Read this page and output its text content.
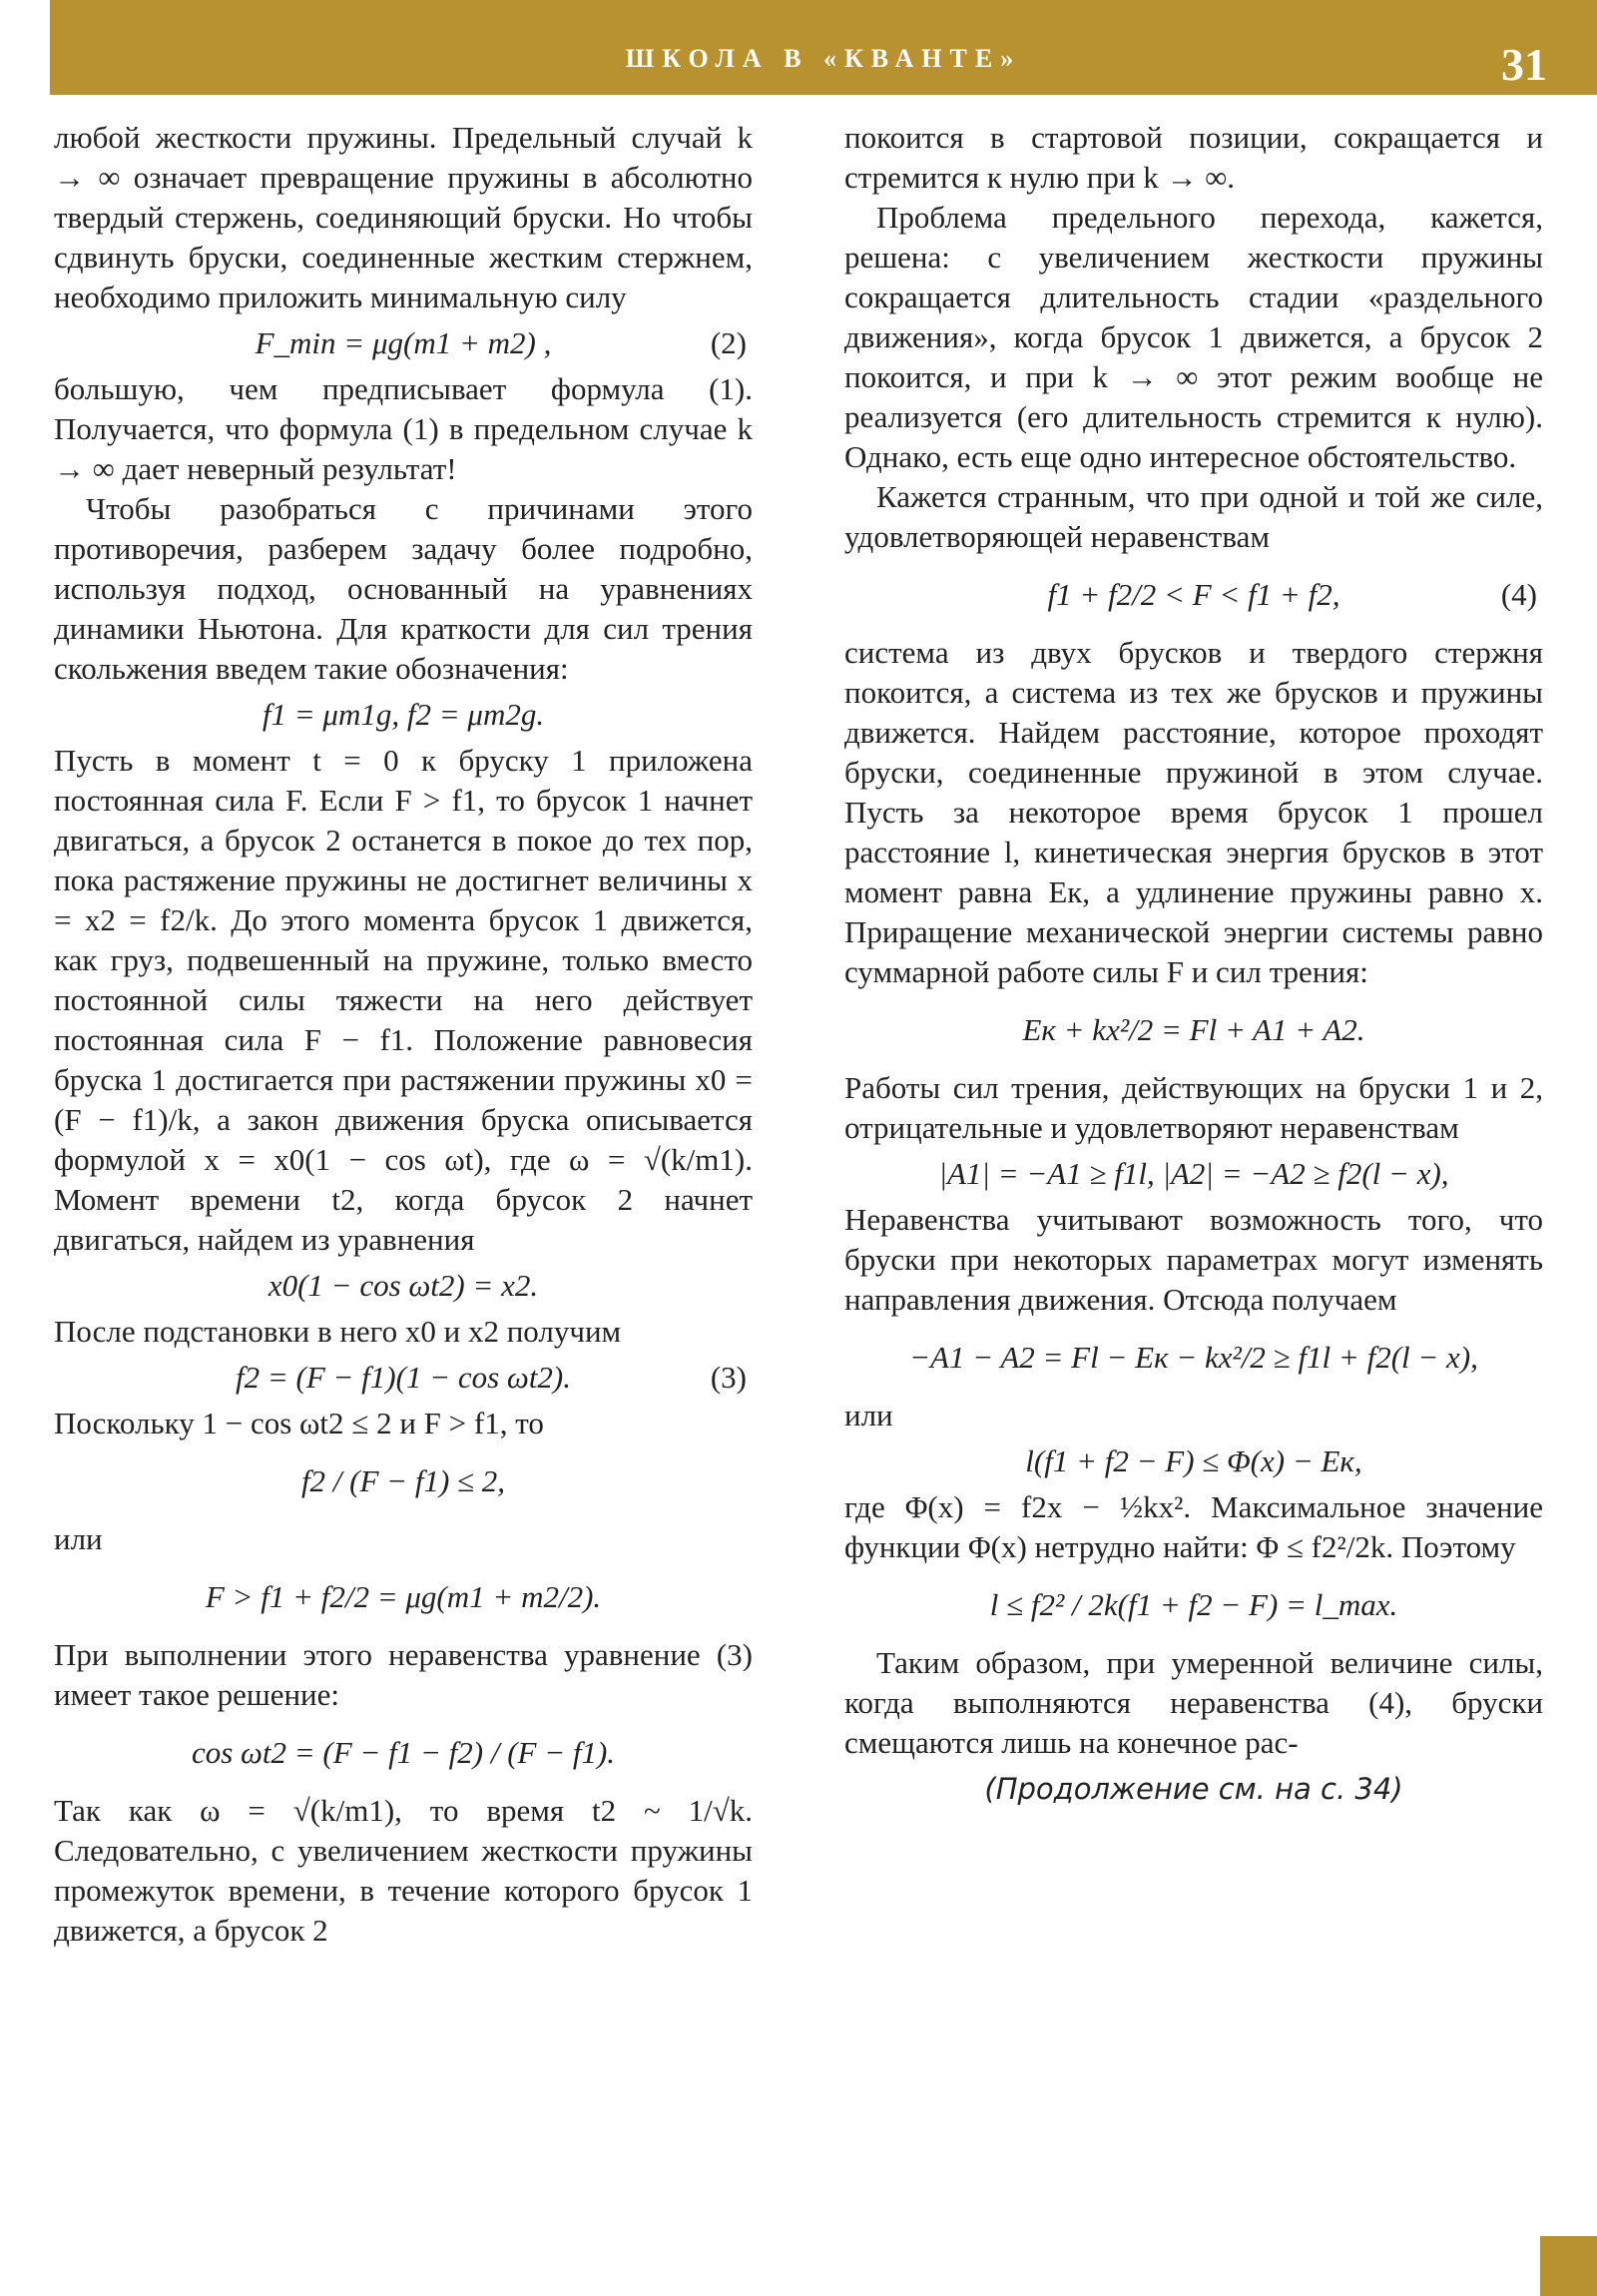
ШКОЛА В «КВАНТЕ»	31

любой жесткости пружины. Предельный случай k → ∞ означает превращение пружины в абсолютно твердый стержень, соединяющий бруски. Но чтобы сдвинуть бруски, соединенные жестким стержнем, необходимо приложить минимальную силу

F_min = μg(m1 + m2) ,	(2)

большую, чем предписывает формула (1). Получается, что формула (1) в предельном случае k → ∞ дает неверный результат!

Чтобы разобраться с причинами этого противоречия, разберем задачу более подробно, используя подход, основанный на уравнениях динамики Ньютона. Для краткости для сил трения скольжения введем такие обозначения:

f1 = μm1g, f2 = μm2g.

Пусть в момент t = 0 к бруску 1 приложена постоянная сила F. Если F > f1, то брусок 1 начнет двигаться, а брусок 2 останется в покое до тех пор, пока растяжение пружины не достигнет величины x = x2 = f2/k. До этого момента брусок 1 движется, как груз, подвешенный на пружине, только вместо постоянной силы тяжести на него действует постоянная сила F − f1. Положение равновесия бруска 1 достигается при растяжении пружины x0 = (F − f1)/k, а закон движения бруска описывается формулой x = x0(1 − cos ωt), где ω = √(k/m1). Момент времени t2, когда брусок 2 начнет двигаться, найдем из уравнения

x0(1 − cos ωt2) = x2.

После подстановки в него x0 и x2 получим

f2 = (F − f1)(1 − cos ωt2).	(3)

Поскольку 1 − cos ωt2 ≤ 2 и F > f1, то

f2 / (F − f1) ≤ 2,

или

F > f1 + f2/2 = μg(m1 + m2/2).

При выполнении этого неравенства уравнение (3) имеет такое решение:

cos ωt2 = (F − f1 − f2) / (F − f1).

Так как ω = √(k/m1), то время t2 ~ 1/√k. Следовательно, с увеличением жесткости пружины промежуток времени, в течение которого брусок 1 движется, а брусок 2

покоится в стартовой позиции, сокращается и стремится к нулю при k → ∞.

Проблема предельного перехода, кажется, решена: с увеличением жесткости пружины сокращается длительность стадии «раздельного движения», когда брусок 1 движется, а брусок 2 покоится, и при k → ∞ этот режим вообще не реализуется (его длительность стремится к нулю). Однако, есть еще одно интересное обстоятельство.

Кажется странным, что при одной и той же силе, удовлетворяющей неравенствам

f1 + f2/2 < F < f1 + f2,	(4)

система из двух брусков и твердого стержня покоится, а система из тех же брусков и пружины движется. Найдем расстояние, которое проходят бруски, соединенные пружиной в этом случае. Пусть за некоторое время брусок 1 прошел расстояние l, кинетическая энергия брусков в этот момент равна Eк, а удлинение пружины равно x. Приращение механической энергии системы равно суммарной работе силы F и сил трения:

Eк + kx²/2 = Fl + A1 + A2.

Работы сил трения, действующих на бруски 1 и 2, отрицательные и удовлетворяют неравенствам

|A1| = −A1 ≥ f1l, |A2| = −A2 ≥ f2(l − x),

Неравенства учитывают возможность того, что бруски при некоторых параметрах могут изменять направления движения. Отсюда получаем

−A1 − A2 = Fl − Eк − kx²/2 ≥ f1l + f2(l − x),

или

l(f1 + f2 − F) ≤ Φ(x) − Eк,

где Φ(x) = f2x − ½kx². Максимальное значение функции Φ(x) нетрудно найти: Φ ≤ f2²/2k. Поэтому

l ≤ f2² / 2k(f1 + f2 − F) = l_max.

Таким образом, при умеренной величине силы, когда выполняются неравенства (4), бруски смещаются лишь на конечное рас-

(Продолжение см. на с. 34)
